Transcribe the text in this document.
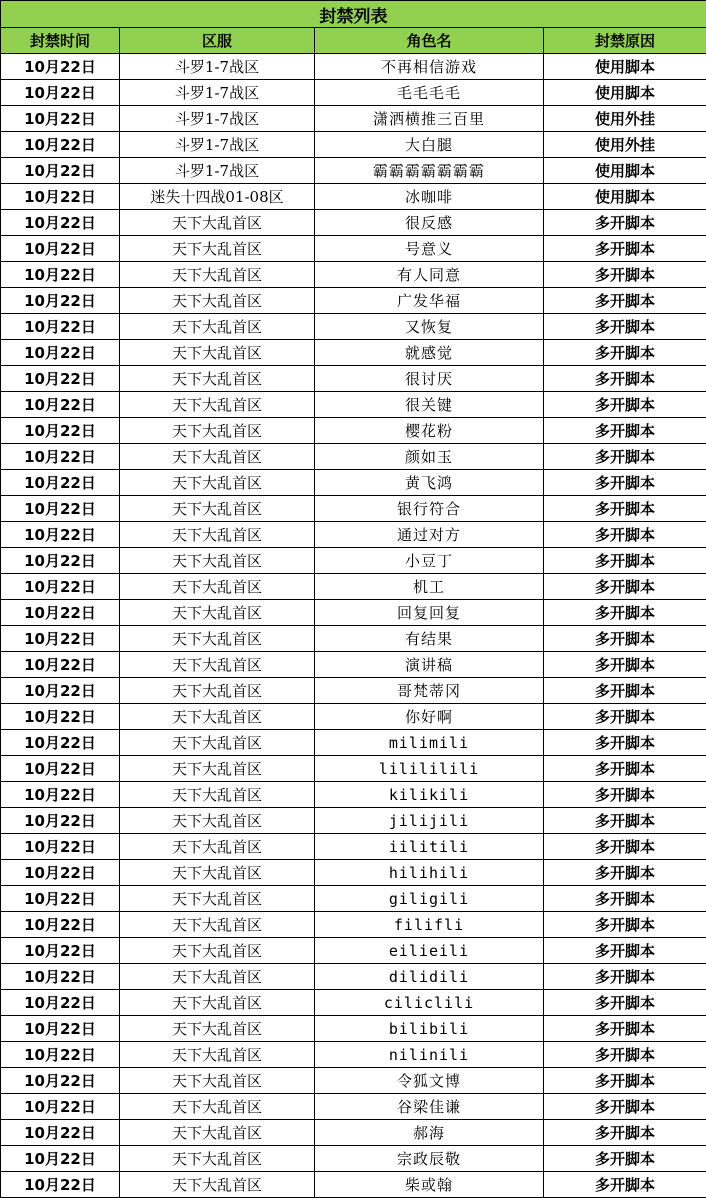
封禁列表			
封禁时间	区服	角色名	封禁原因
10月22日	斗罗1-7战区	不再相信游戏	使用脚本
10月22日	斗罗1-7战区	毛毛毛毛	使用脚本
10月22日	斗罗1-7战区	潇洒横推三百里	使用外挂
10月22日	斗罗1-7战区	大白腿	使用外挂
10月22日	斗罗1-7战区	霸霸霸霸霸霸霸	使用脚本
10月22日	迷失十四战01-08区	冰咖啡	使用脚本
10月22日	天下大乱首区	很反感	多开脚本
10月22日	天下大乱首区	号意义	多开脚本
10月22日	天下大乱首区	有人同意	多开脚本
10月22日	天下大乱首区	广发华福	多开脚本
10月22日	天下大乱首区	又恢复	多开脚本
10月22日	天下大乱首区	就感觉	多开脚本
10月22日	天下大乱首区	很讨厌	多开脚本
10月22日	天下大乱首区	很关键	多开脚本
10月22日	天下大乱首区	樱花粉	多开脚本
10月22日	天下大乱首区	颜如玉	多开脚本
10月22日	天下大乱首区	黄飞鸿	多开脚本
10月22日	天下大乱首区	银行符合	多开脚本
10月22日	天下大乱首区	通过对方	多开脚本
10月22日	天下大乱首区	小豆丁	多开脚本
10月22日	天下大乱首区	机工	多开脚本
10月22日	天下大乱首区	回复回复	多开脚本
10月22日	天下大乱首区	有结果	多开脚本
10月22日	天下大乱首区	演讲稿	多开脚本
10月22日	天下大乱首区	哥梵蒂冈	多开脚本
10月22日	天下大乱首区	你好啊	多开脚本
10月22日	天下大乱首区	milimili	多开脚本
10月22日	天下大乱首区	lilililili	多开脚本
10月22日	天下大乱首区	kilikili	多开脚本
10月22日	天下大乱首区	jilijili	多开脚本
10月22日	天下大乱首区	iilitili	多开脚本
10月22日	天下大乱首区	hilihili	多开脚本
10月22日	天下大乱首区	giligili	多开脚本
10月22日	天下大乱首区	filifli	多开脚本
10月22日	天下大乱首区	eilieili	多开脚本
10月22日	天下大乱首区	dilidili	多开脚本
10月22日	天下大乱首区	ciliclili	多开脚本
10月22日	天下大乱首区	bilibili	多开脚本
10月22日	天下大乱首区	nilinili	多开脚本
10月22日	天下大乱首区	令狐文博	多开脚本
10月22日	天下大乱首区	谷梁佳谦	多开脚本
10月22日	天下大乱首区	郝海	多开脚本
10月22日	天下大乱首区	宗政辰敬	多开脚本
10月22日	天下大乱首区	柴或翰	多开脚本
